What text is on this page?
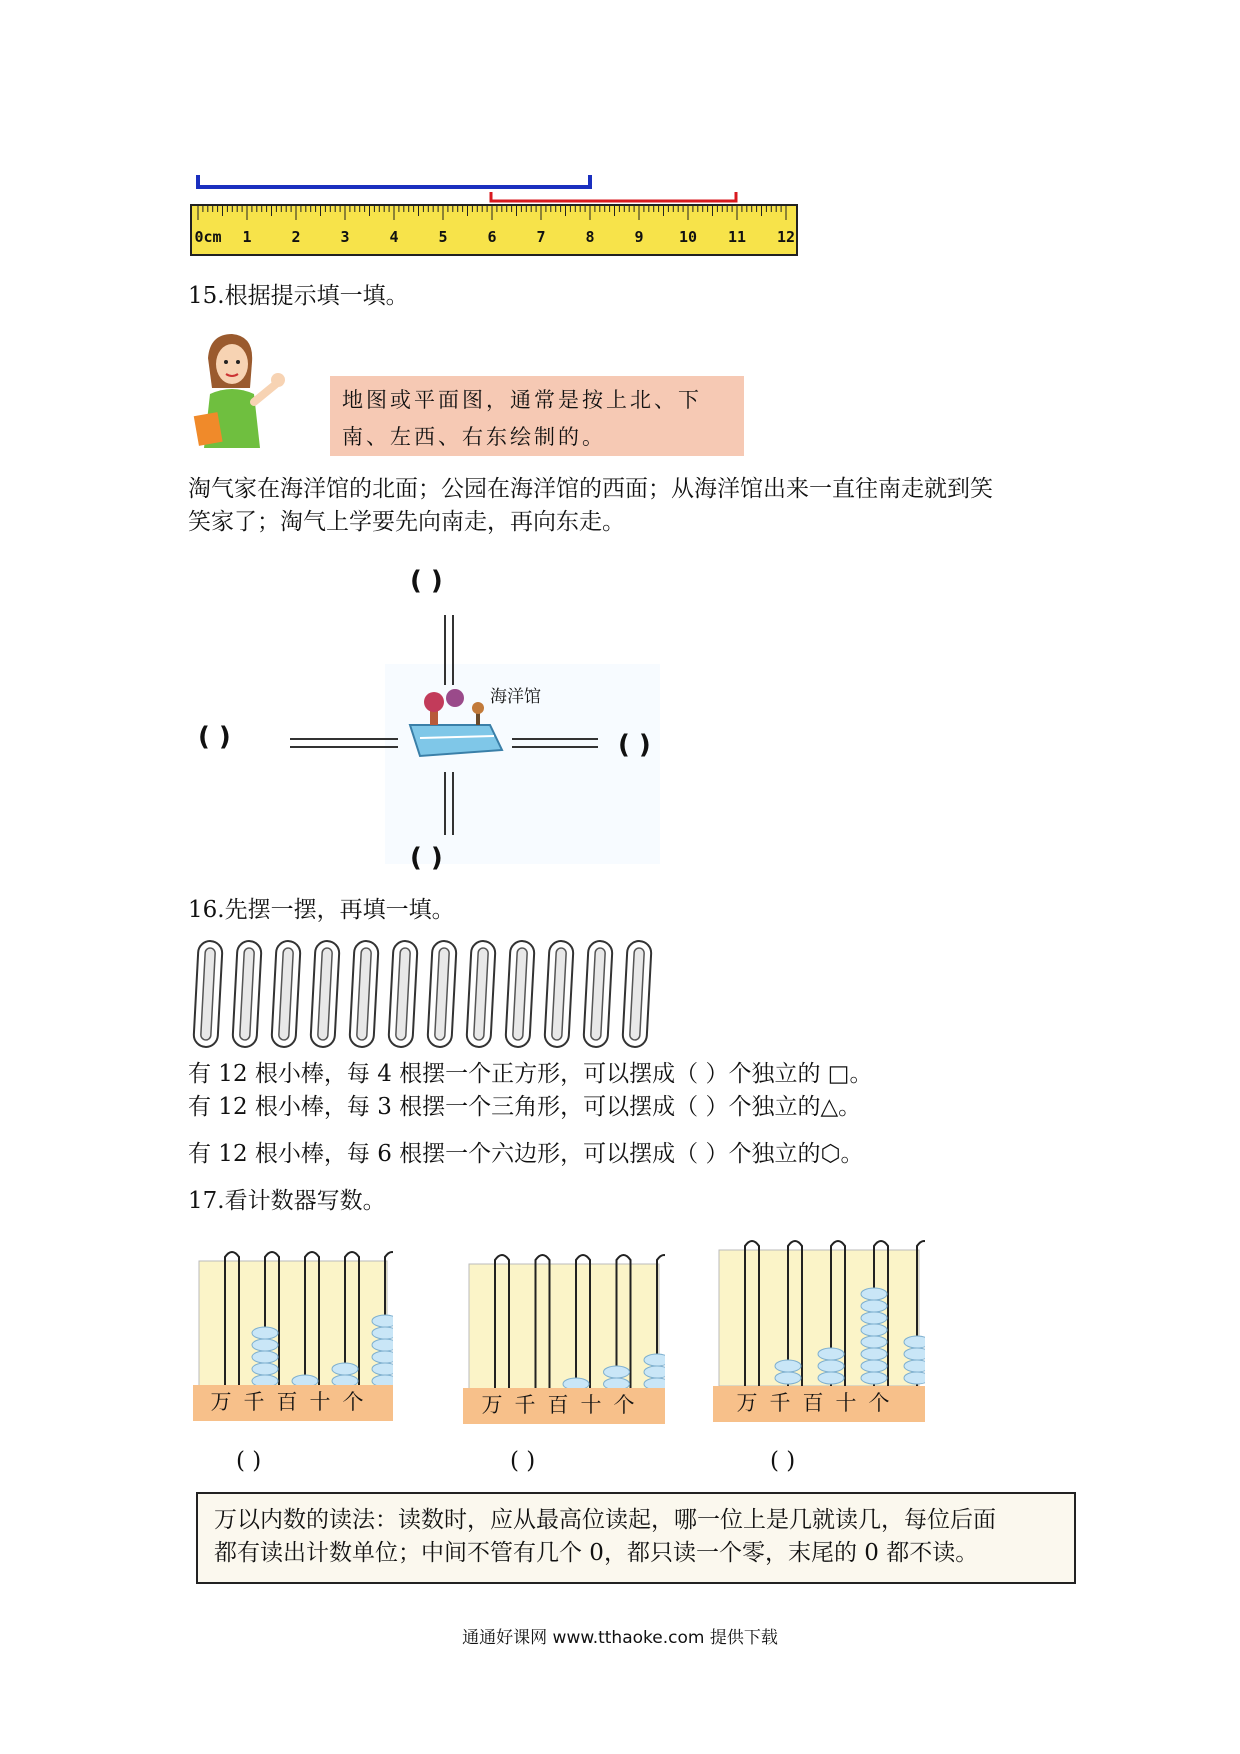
0cm 1	2	3	4	5	6	7	8	9 10 11 12
15.根据提示填一填。
地图或平面图，通常是按上北、下
南、左西、右东绘制的。
淘气家在海洋馆的北面；公园在海洋馆的西面；从海洋馆出来一直往南走就到笑
笑家了；淘气上学要先向南走，再向东走。
海洋馆
( )
( )	( )
( )
16.先摆一摆，再填一填。
有 12 根小棒，每 4 根摆一个正方形，可以摆成（ ）个独立的 □。
有 12 根小棒，每 3 根摆一个三角形，可以摆成（ ）个独立的△。
有 12 根小棒，每 6 根摆一个六边形，可以摆成（ ）个独立的⬡。
17.看计数器写数。
万千百十个	万千百十个	万千百十个
( )	( )	( )
万以内数的读法：读数时，应从最高位读起，哪一位上是几就读几，每位后面
都有读出计数单位；中间不管有几个 0，都只读一个零，末尾的 0 都不读。
通通好课网 www.tthaoke.com 提供下载
